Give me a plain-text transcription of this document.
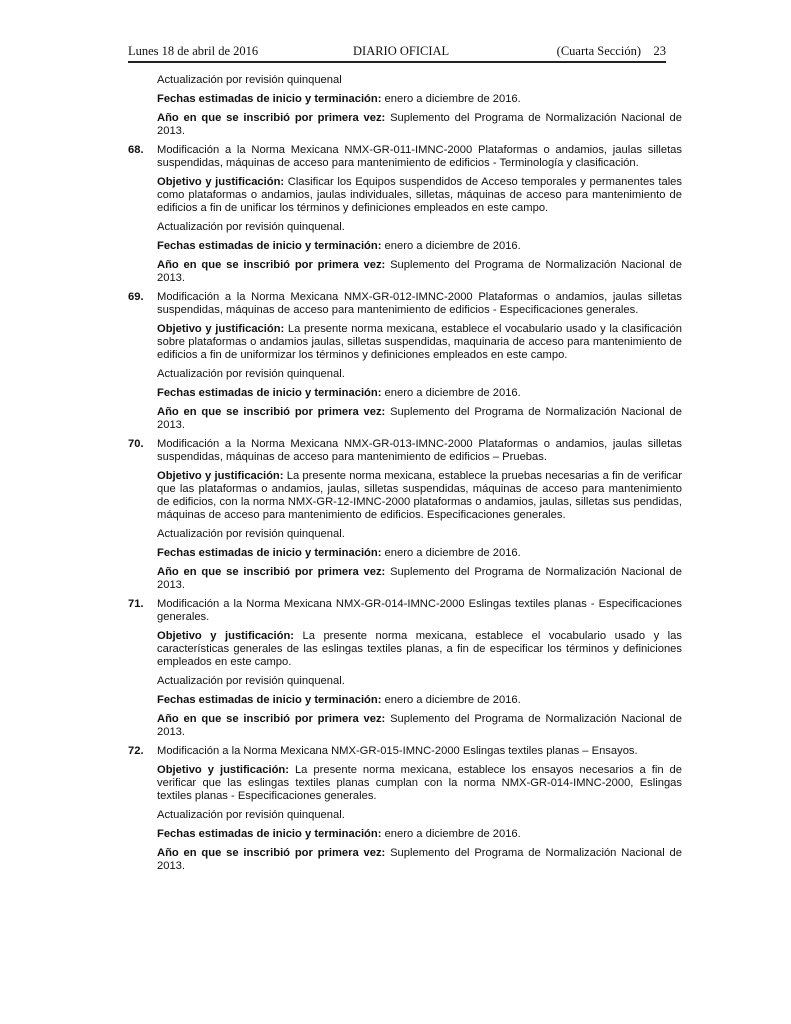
Lunes 18 de abril de 2016	DIARIO OFICIAL	(Cuarta Sección) 23

Actualización por revisión quinquenal

Fechas estimadas de inicio y terminación: enero a diciembre de 2016.

Año en que se inscribió por primera vez: Suplemento del Programa de Normalización Nacional de 2013.

68. Modificación a la Norma Mexicana NMX-GR-011-IMNC-2000 Plataformas o andamios, jaulas silletas suspendidas, máquinas de acceso para mantenimiento de edificios - Terminología y clasificación.

Objetivo y justificación: Clasificar los Equipos suspendidos de Acceso temporales y permanentes tales como plataformas o andamios, jaulas individuales, silletas, máquinas de acceso para mantenimiento de edificios a fin de unificar los términos y definiciones empleados en este campo.

Actualización por revisión quinquenal.

Fechas estimadas de inicio y terminación: enero a diciembre de 2016.

Año en que se inscribió por primera vez: Suplemento del Programa de Normalización Nacional de 2013.

69. Modificación a la Norma Mexicana NMX-GR-012-IMNC-2000 Plataformas o andamios, jaulas silletas suspendidas, máquinas de acceso para mantenimiento de edificios - Especificaciones generales.

Objetivo y justificación: La presente norma mexicana, establece el vocabulario usado y la clasificación sobre plataformas o andamios jaulas, silletas suspendidas, maquinaria de acceso para mantenimiento de edificios a fin de uniformizar los términos y definiciones empleados en este campo.

Actualización por revisión quinquenal.

Fechas estimadas de inicio y terminación: enero a diciembre de 2016.

Año en que se inscribió por primera vez: Suplemento del Programa de Normalización Nacional de 2013.

70. Modificación a la Norma Mexicana NMX-GR-013-IMNC-2000 Plataformas o andamios, jaulas silletas suspendidas, máquinas de acceso para mantenimiento de edificios – Pruebas.

Objetivo y justificación: La presente norma mexicana, establece la pruebas necesarias a fin de verificar que las plataformas o andamios, jaulas, silletas suspendidas, máquinas de acceso para mantenimiento de edificios, con la norma NMX-GR-12-IMNC-2000 plataformas o andamios, jaulas, silletas sus pendidas, máquinas de acceso para mantenimiento de edificios. Especificaciones generales.

Actualización por revisión quinquenal.

Fechas estimadas de inicio y terminación: enero a diciembre de 2016.

Año en que se inscribió por primera vez: Suplemento del Programa de Normalización Nacional de 2013.

71. Modificación a la Norma Mexicana NMX-GR-014-IMNC-2000 Eslingas textiles planas - Especificaciones generales.

Objetivo y justificación: La presente norma mexicana, establece el vocabulario usado y las características generales de las eslingas textiles planas, a fin de especificar los términos y definiciones empleados en este campo.

Actualización por revisión quinquenal.

Fechas estimadas de inicio y terminación: enero a diciembre de 2016.

Año en que se inscribió por primera vez: Suplemento del Programa de Normalización Nacional de 2013.

72. Modificación a la Norma Mexicana NMX-GR-015-IMNC-2000 Eslingas textiles planas – Ensayos.

Objetivo y justificación: La presente norma mexicana, establece los ensayos necesarios a fin de verificar que las eslingas textiles planas cumplan con la norma NMX-GR-014-IMNC-2000, Eslingas textiles planas - Especificaciones generales.

Actualización por revisión quinquenal.

Fechas estimadas de inicio y terminación: enero a diciembre de 2016.

Año en que se inscribió por primera vez: Suplemento del Programa de Normalización Nacional de 2013.
